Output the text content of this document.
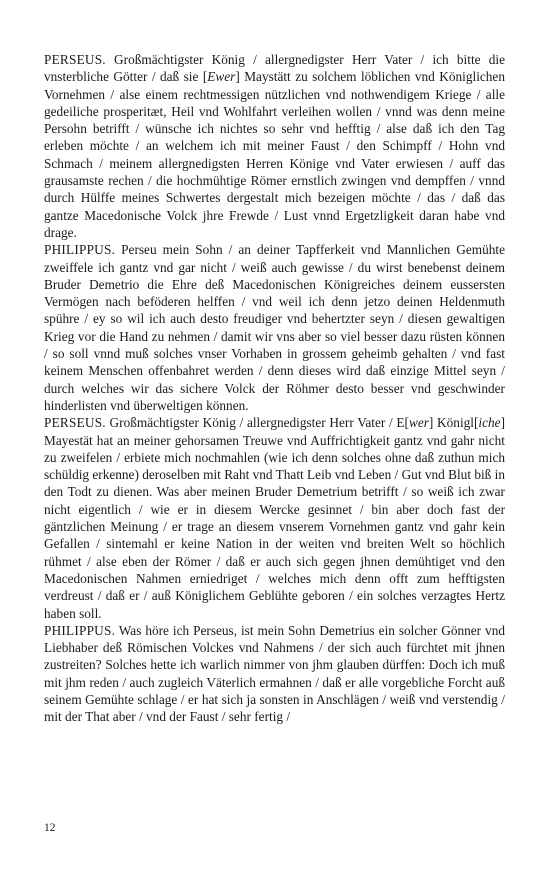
PERSEUS. Großmächtigster König / allergnedigster Herr Vater / ich bitte die vnsterbliche Götter / daß sie [Ewer] Maystätt zu solchem löblichen vnd Königlichen Vornehmen / alse einem rechtmessigen nützlichen vnd nothwendigem Kriege / alle gedeiliche prosperitæt, Heil vnd Wohlfahrt verleihen wollen / vnnd was denn meine Persohn betrifft / wünsche ich nichtes so sehr vnd hefftig / alse daß ich den Tag erleben möchte / an welchem ich mit meiner Faust / den Schimpff / Hohn vnd Schmach / meinem allergnedigsten Herren Könige vnd Vater erwiesen / auff das grausamste rechen / die hochmühtige Römer ernstlich zwingen vnd dempffen / vnnd durch Hülffe meines Schwertes dergestalt mich bezeigen möchte / das / daß das gantze Macedonische Volck jhre Frewde / Lust vnnd Ergetzligkeit daran habe vnd drage.

PHILIPPUS. Perseu mein Sohn / an deiner Tapfferkeit vnd Mannlichen Gemühte zweiffele ich gantz vnd gar nicht / weiß auch gewisse / du wirst benebenst deinem Bruder Demetrio die Ehre deß Macedonischen Königreiches deinem eussersten Vermögen nach beföderen helffen / vnd weil ich denn jetzo deinen Heldenmuth spühre / ey so wil ich auch desto freudiger vnd behertzter seyn / diesen gewaltigen Krieg vor die Hand zu nehmen / damit wir vns aber so viel besser dazu rüsten können / so soll vnnd muß solches vnser Vorhaben in grossem geheimb gehalten / vnd fast keinem Menschen offenbahret werden / denn dieses wird daß einzige Mittel seyn / durch welches wir das sichere Volck der Röhmer desto besser vnd geschwinder hinderlisten vnd überweltigen können.

PERSEUS. Großmächtigster König / allergnedigster Herr Vater / E[wer] Königl[iche] Mayestät hat an meiner gehorsamen Treuwe vnd Auffrichtigkeit gantz vnd gahr nicht zu zweifelen / erbiete mich nochmahlen (wie ich denn solches ohne daß zuthun mich schüldig erkenne) deroselben mit Raht vnd Thatt Leib vnd Leben / Gut vnd Blut biß in den Todt zu dienen. Was aber meinen Bruder Demetrium betrifft / so weiß ich zwar nicht eigentlich / wie er in diesem Wercke gesinnet / bin aber doch fast der gäntzlichen Meinung / er trage an diesem vnserem Vornehmen gantz vnd gahr kein Gefallen / sintemahl er keine Nation in der weiten vnd breiten Welt so höchlich rühmet / alse eben der Römer / daß er auch sich gegen jhnen demühtiget vnd den Macedonischen Nahmen erniedriget / welches mich denn offt zum hefftigsten verdreust / daß er / auß Königlichem Geblühte geboren / ein solches verzagtes Hertz haben soll.

PHILIPPUS. Was höre ich Perseus, ist mein Sohn Demetrius ein solcher Gönner vnd Liebhaber deß Römischen Volckes vnd Nahmens / der sich auch fürchtet mit jhnen zustreiten? Solches hette ich warlich nimmer von jhm glauben dürffen: Doch ich muß mit jhm reden / auch zugleich Väterlich ermahnen / daß er alle vorgebliche Forcht auß seinem Gemühte schlage / er hat sich ja sonsten in Anschlägen / weiß vnd verstendig / mit der That aber / vnd der Faust / sehr fertig /

12
